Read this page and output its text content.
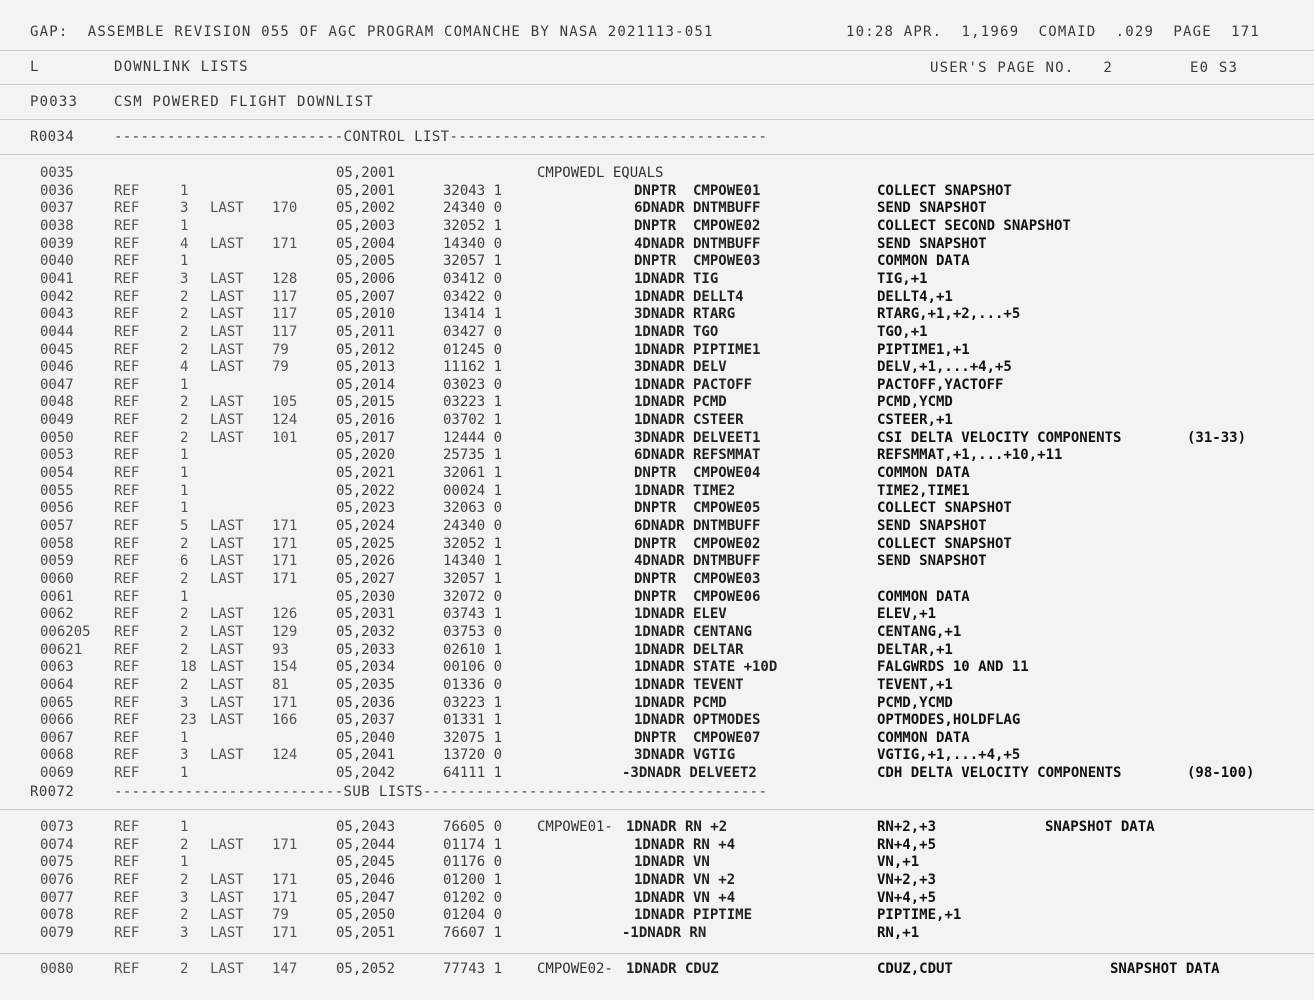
GAP:  ASSEMBLE REVISION 055 OF AGC PROGRAM COMANCHE BY NASA 2021113-051	10:28 APR.  1,1969  COMAID  .029  PAGE  171
L	DOWNLINK LISTS	USER'S PAGE NO.   2        E0 S3
P0033	CSM POWERED FLIGHT DOWNLIST
R0034	--------------------------CONTROL LIST------------------------------------
0035	05,2001	CMPOWEDL EQUALS
0036	REF	1	05,2001	32043 1	DNPTR  CMPOWE01	COLLECT SNAPSHOT
0037	REF	3 LAST 170	05,2002	24340 0	6DNADR DNTMBUFF	SEND SNAPSHOT
0038	REF	1	05,2003	32052 1	DNPTR  CMPOWE02	COLLECT SECOND SNAPSHOT
0039	REF	4 LAST 171	05,2004	14340 0	4DNADR DNTMBUFF	SEND SNAPSHOT
0040	REF	1	05,2005	32057 1	DNPTR  CMPOWE03	COMMON DATA
0041	REF	3 LAST 128	05,2006	03412 0	1DNADR TIG	TIG,+1
0042	REF	2 LAST 117	05,2007	03422 0	1DNADR DELLT4	DELLT4,+1
0043	REF	2 LAST 117	05,2010	13414 1	3DNADR RTARG	RTARG,+1,+2,...+5
0044	REF	2 LAST 117	05,2011	03427 0	1DNADR TGO	TGO,+1
0045	REF	2 LAST 79	05,2012	01245 0	1DNADR PIPTIME1	PIPTIME1,+1
0046	REF	4 LAST 79	05,2013	11162 1	3DNADR DELV	DELV,+1,...+4,+5
0047	REF	1	05,2014	03023 0	1DNADR PACTOFF	PACTOFF,YACTOFF
0048	REF	2 LAST 105	05,2015	03223 1	1DNADR PCMD	PCMD,YCMD
0049	REF	2 LAST 124	05,2016	03702 1	1DNADR CSTEER	CSTEER,+1
0050	REF	2 LAST 101	05,2017	12444 0	3DNADR DELVEET1	CSI DELTA VELOCITY COMPONENTS	(31-33)
0053	REF	1	05,2020	25735 1	6DNADR REFSMMAT	REFSMMAT,+1,...+10,+11
0054	REF	1	05,2021	32061 1	DNPTR  CMPOWE04	COMMON DATA
0055	REF	1	05,2022	00024 1	1DNADR TIME2	TIME2,TIME1
0056	REF	1	05,2023	32063 0	DNPTR  CMPOWE05	COLLECT SNAPSHOT
0057	REF	5 LAST 171	05,2024	24340 0	6DNADR DNTMBUFF	SEND SNAPSHOT
0058	REF	2 LAST 171	05,2025	32052 1	DNPTR  CMPOWE02	COLLECT SNAPSHOT
0059	REF	6 LAST 171	05,2026	14340 1	4DNADR DNTMBUFF	SEND SNAPSHOT
0060	REF	2 LAST 171	05,2027	32057 1	DNPTR  CMPOWE03
0061	REF	1	05,2030	32072 0	DNPTR  CMPOWE06	COMMON DATA
0062	REF	2 LAST 126	05,2031	03743 1	1DNADR ELEV	ELEV,+1
006205 REF	2 LAST 129	05,2032	03753 0	1DNADR CENTANG	CENTANG,+1
00621 REF	2 LAST 93	05,2033	02610 1	1DNADR DELTAR	DELTAR,+1
0063	REF	18 LAST 154	05,2034	00106 0	1DNADR STATE +10D	FALGWRDS 10 AND 11
0064	REF	2 LAST 81	05,2035	01336 0	1DNADR TEVENT	TEVENT,+1
0065	REF	3 LAST 171	05,2036	03223 1	1DNADR PCMD	PCMD,YCMD
0066	REF	23 LAST 166	05,2037	01331 1	1DNADR OPTMODES	OPTMODES,HOLDFLAG
0067	REF	1	05,2040	32075 1	DNPTR  CMPOWE07	COMMON DATA
0068	REF	3 LAST 124	05,2041	13720 0	3DNADR VGTIG	VGTIG,+1,...+4,+5
0069	REF	1	05,2042	64111 1	-3DNADR DELVEET2	CDH DELTA VELOCITY COMPONENTS	(98-100)
R0072	--------------------------SUB LISTS---------------------------------------
0073	REF	1	05,2043	76605 0 CMPOWE01- 1DNADR RN +2	RN+2,+3	SNAPSHOT DATA
0074	REF	2 LAST 171	05,2044	01174 1	1DNADR RN +4	RN+4,+5
0075	REF	1	05,2045	01176 0	1DNADR VN	VN,+1
0076	REF	2 LAST 171	05,2046	01200 1	1DNADR VN +2	VN+2,+3
0077	REF	3 LAST 171	05,2047	01202 0	1DNADR VN +4	VN+4,+5
0078	REF	2 LAST 79	05,2050	01204 0	1DNADR PIPTIME	PIPTIME,+1
0079	REF	3 LAST 171	05,2051	76607 1	-1DNADR RN	RN,+1
0080	REF	2 LAST 147	05,2052	77743 1 CMPOWE02- 1DNADR CDUZ	CDUZ,CDUT	SNAPSHOT DATA
